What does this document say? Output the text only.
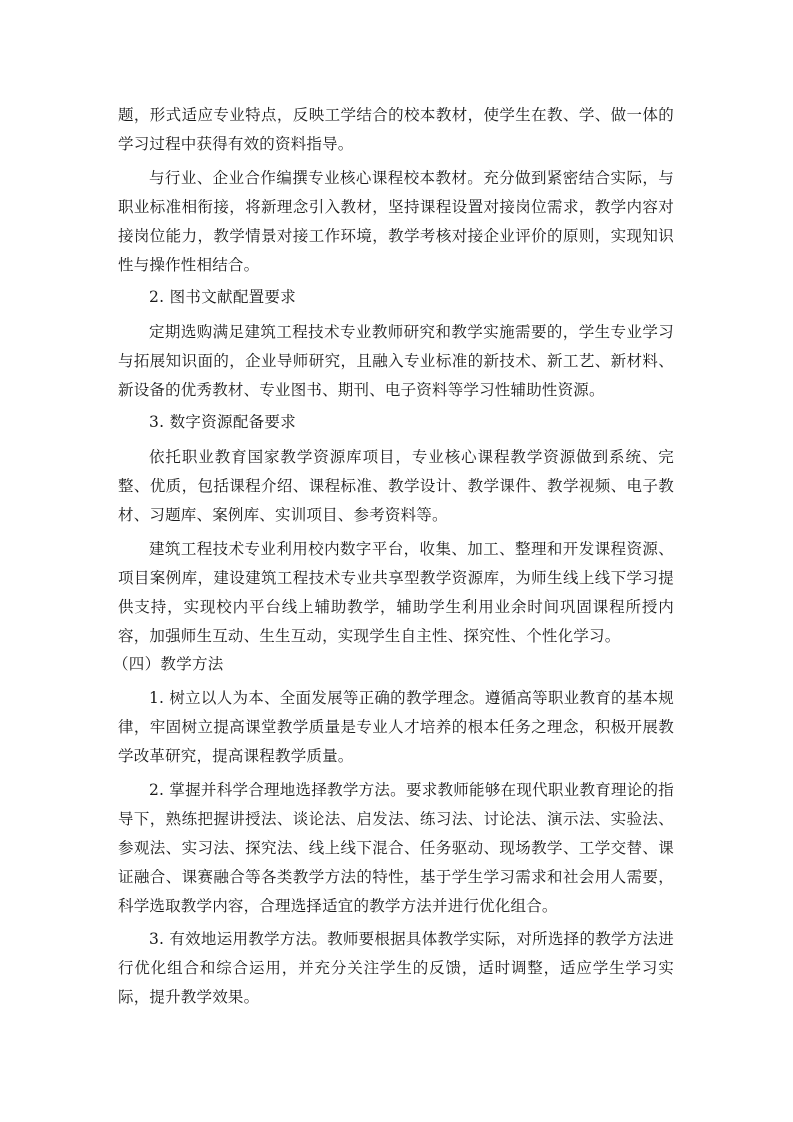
题，形式适应专业特点，反映工学结合的校本教材，使学生在教、学、做一体的学习过程中获得有效的资料指导。

与行业、企业合作编撰专业核心课程校本教材。充分做到紧密结合实际，与职业标准相衔接，将新理念引入教材，坚持课程设置对接岗位需求，教学内容对接岗位能力，教学情景对接工作环境，教学考核对接企业评价的原则，实现知识性与操作性相结合。

2. 图书文献配置要求

定期选购满足建筑工程技术专业教师研究和教学实施需要的，学生专业学习与拓展知识面的，企业导师研究，且融入专业标准的新技术、新工艺、新材料、新设备的优秀教材、专业图书、期刊、电子资料等学习性辅助性资源。

3. 数字资源配备要求

依托职业教育国家教学资源库项目，专业核心课程教学资源做到系统、完整、优质，包括课程介绍、课程标准、教学设计、教学课件、教学视频、电子教材、习题库、案例库、实训项目、参考资料等。

建筑工程技术专业利用校内数字平台，收集、加工、整理和开发课程资源、项目案例库，建设建筑工程技术专业共享型教学资源库，为师生线上线下学习提供支持，实现校内平台线上辅助教学，辅助学生利用业余时间巩固课程所授内容，加强师生互动、生生互动，实现学生自主性、探究性、个性化学习。

（四）教学方法

1. 树立以人为本、全面发展等正确的教学理念。遵循高等职业教育的基本规律，牢固树立提高课堂教学质量是专业人才培养的根本任务之理念，积极开展教学改革研究，提高课程教学质量。

2. 掌握并科学合理地选择教学方法。要求教师能够在现代职业教育理论的指导下，熟练把握讲授法、谈论法、启发法、练习法、讨论法、演示法、实验法、参观法、实习法、探究法、线上线下混合、任务驱动、现场教学、工学交替、课证融合、课赛融合等各类教学方法的特性，基于学生学习需求和社会用人需要，科学选取教学内容，合理选择适宜的教学方法并进行优化组合。

3. 有效地运用教学方法。教师要根据具体教学实际，对所选择的教学方法进行优化组合和综合运用，并充分关注学生的反馈，适时调整，适应学生学习实际，提升教学效果。
